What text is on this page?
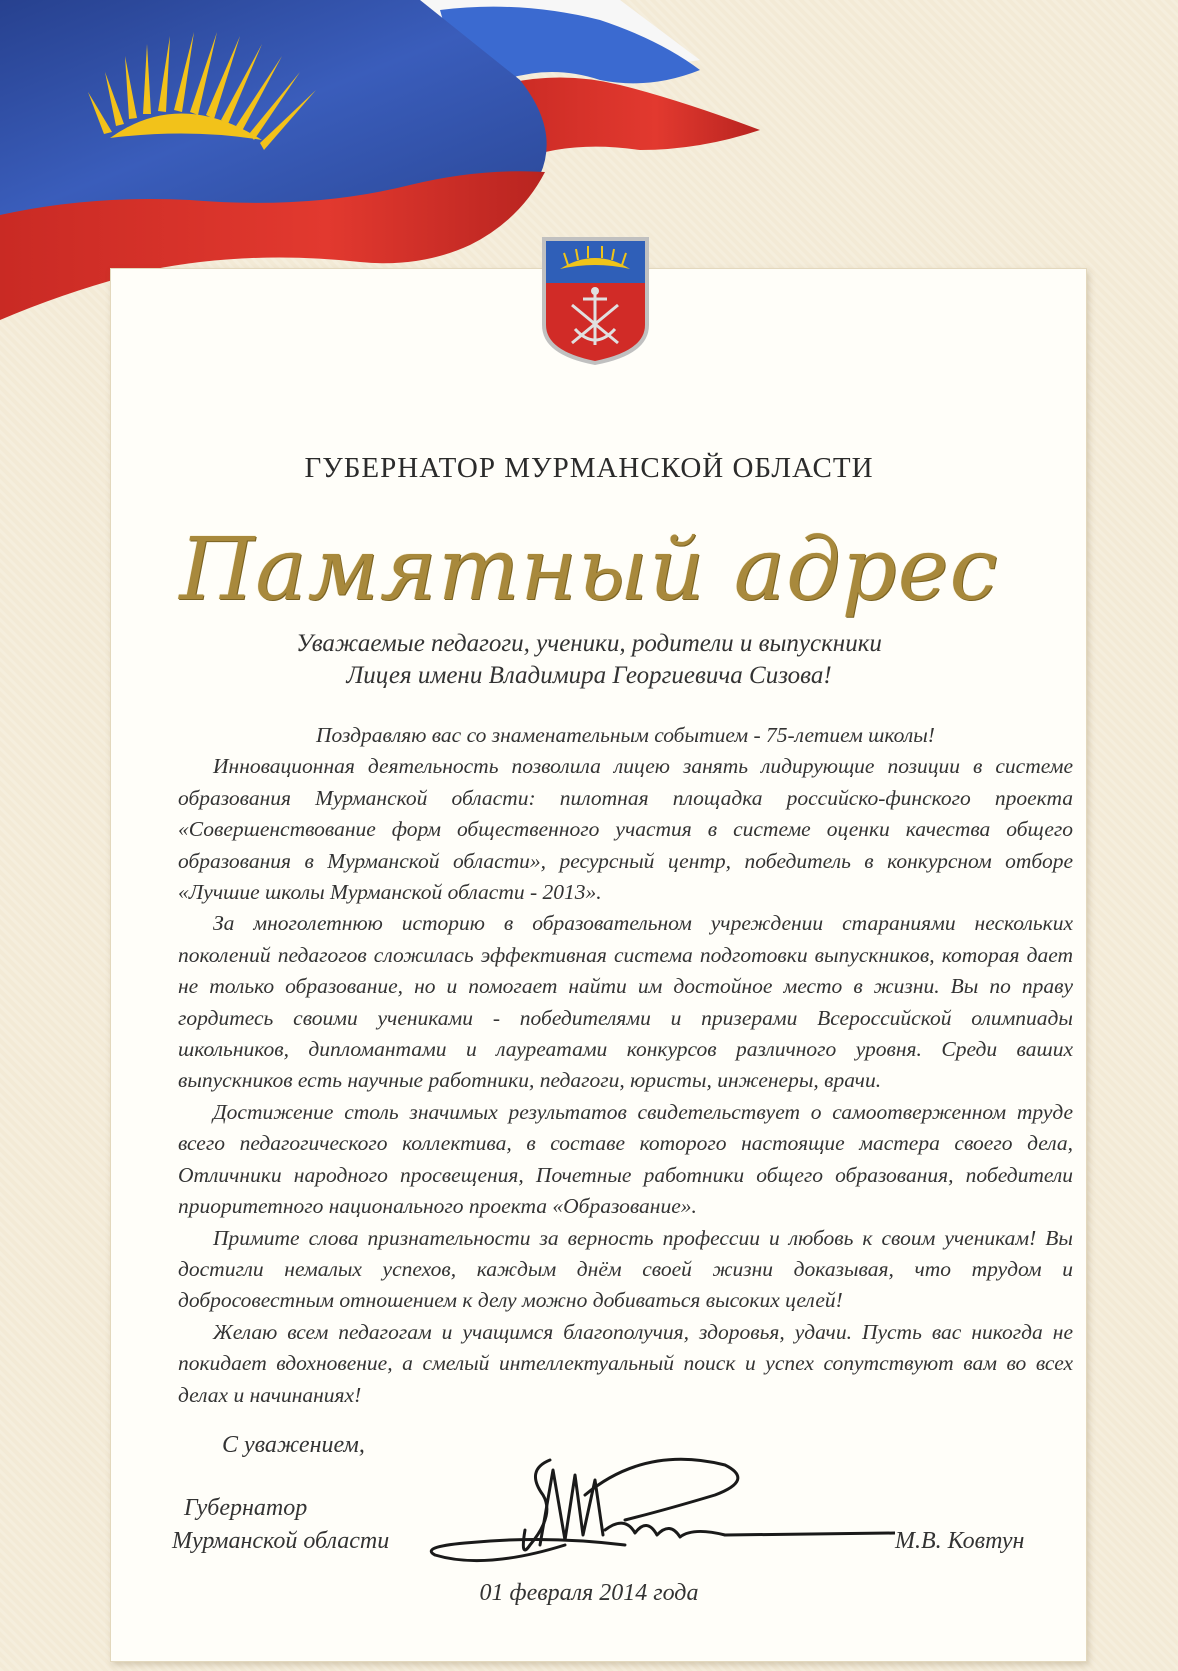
ГУБЕРНАТОР МУРМАНСКОЙ ОБЛАСТИ
Памятный адрес
Уважаемые педагоги, ученики, родители и выпускники
Лицея имени Владимира Георгиевича Сизова!

Поздравляю вас со знаменательным событием - 75-летием школы!

Инновационная деятельность позволила лицею занять лидирующие позиции в системе образования Мурманской области: пилотная площадка российско-финского проекта «Совершенствование форм общественного участия в системе оценки качества общего образования в Мурманской области», ресурсный центр, победитель в конкурсном отборе «Лучшие школы Мурманской области - 2013».

За многолетнюю историю в образовательном учреждении стараниями нескольких поколений педагогов сложилась эффективная система подготовки выпускников, которая дает не только образование, но и помогает найти им достойное место в жизни. Вы по праву гордитесь своими учениками - победителями и призерами Всероссийской олимпиады школьников, дипломантами и лауреатами конкурсов различного уровня. Среди ваших выпускников есть научные работники, педагоги, юристы, инженеры, врачи.

Достижение столь значимых результатов свидетельствует о самоотверженном труде всего педагогического коллектива, в составе которого настоящие мастера своего дела, Отличники народного просвещения, Почетные работники общего образования, победители приоритетного национального проекта «Образование».

Примите слова признательности за верность профессии и любовь к своим ученикам! Вы достигли немалых успехов, каждым днём своей жизни доказывая, что трудом и добросовестным отношением к делу можно добиваться высоких целей!

Желаю всем педагогам и учащимся благополучия, здоровья, удачи. Пусть вас никогда не покидает вдохновение, а смелый интеллектуальный поиск и успех сопутствуют вам во всех делах и начинаниях!

С уважением,
Губернатор
Мурманской области	М.В. Ковтун
01 февраля 2014 года
